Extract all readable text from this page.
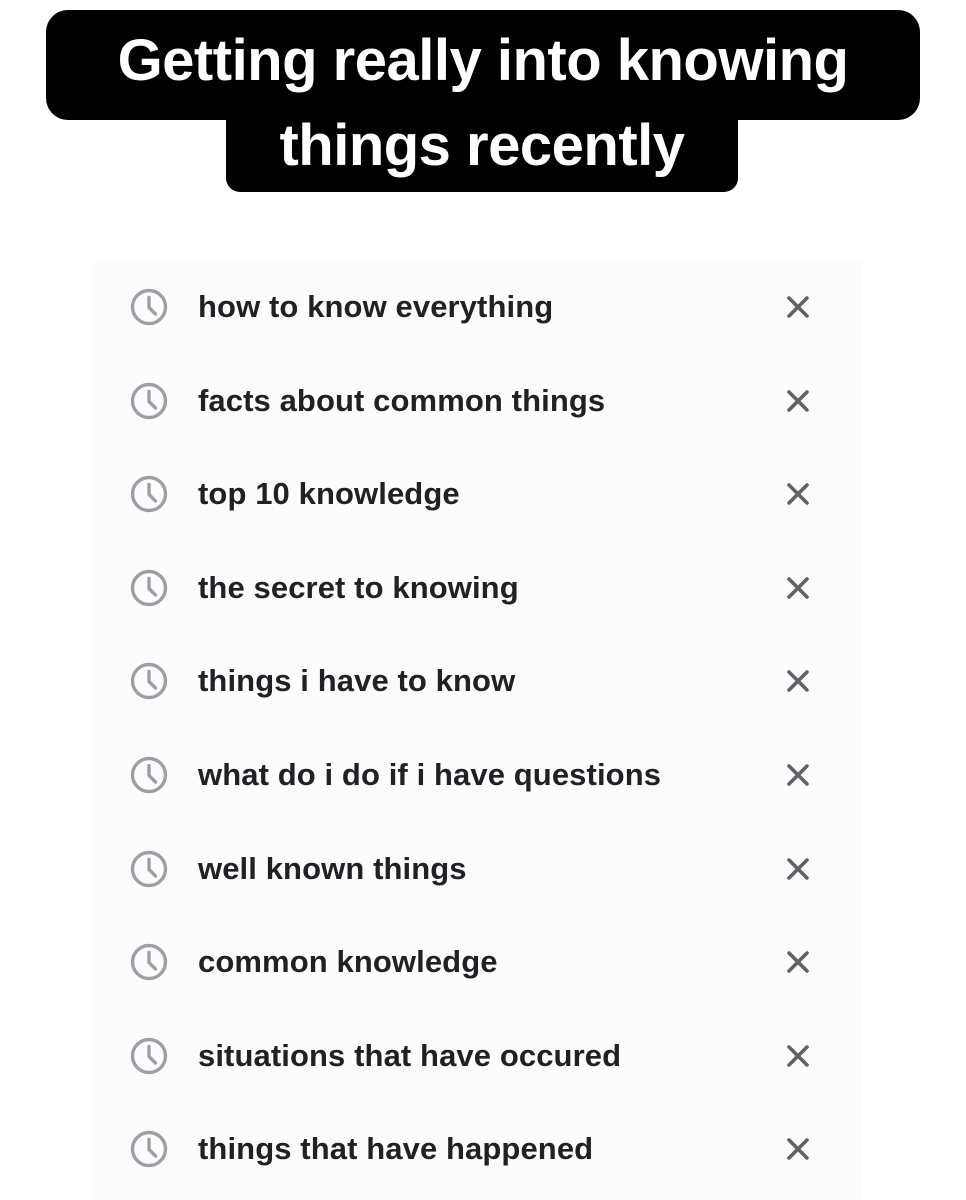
Getting really into knowing
things recently
how to know everything
facts about common things
top 10 knowledge
the secret to knowing
things i have to know
what do i do if i have questions
well known things
common knowledge
situations that have occured
things that have happened
